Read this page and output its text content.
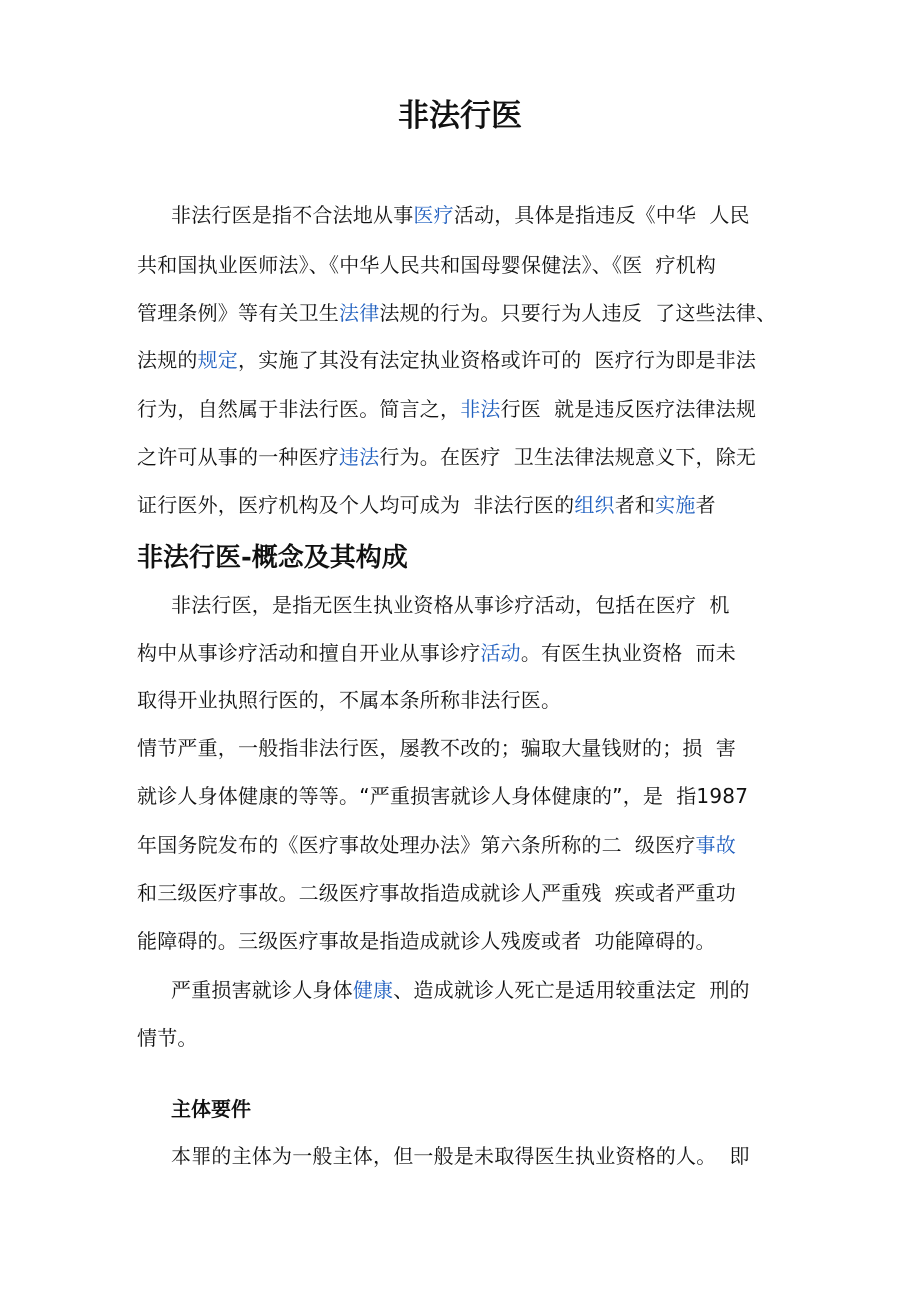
非法行医
非法行医是指不合法地从事医疗活动，具体是指违反《中华  人民
共和国执业医师法》、《中华人民共和国母婴保健法》、《医  疗机构
管理条例》等有关卫生法律法规的行为。只要行为人违反  了这些法律、
法规的规定，实施了其没有法定执业资格或许可的  医疗行为即是非法
行为，自然属于非法行医。简言之，非法行医  就是违反医疗法律法规
之许可从事的一种医疗违法行为。在医疗  卫生法律法规意义下，除无
证行医外，医疗机构及个人均可成为  非法行医的组织者和实施者
非法行医-概念及其构成
非法行医，是指无医生执业资格从事诊疗活动，包括在医疗  机
构中从事诊疗活动和擅自开业从事诊疗活动。有医生执业资格  而未
取得开业执照行医的，不属本条所称非法行医。
情节严重，一般指非法行医，屡教不改的；骗取大量钱财的；损  害
就诊人身体健康的等等。“严重损害就诊人身体健康的”，是  指1987
年国务院发布的《医疗事故处理办法》第六条所称的二  级医疗事故
和三级医疗事故。二级医疗事故指造成就诊人严重残  疾或者严重功
能障碍的。三级医疗事故是指造成就诊人残废或者  功能障碍的。
严重损害就诊人身体健康、造成就诊人死亡是适用较重法定  刑的
情节。
主体要件
本罪的主体为一般主体，但一般是未取得医生执业资格的人。  即
